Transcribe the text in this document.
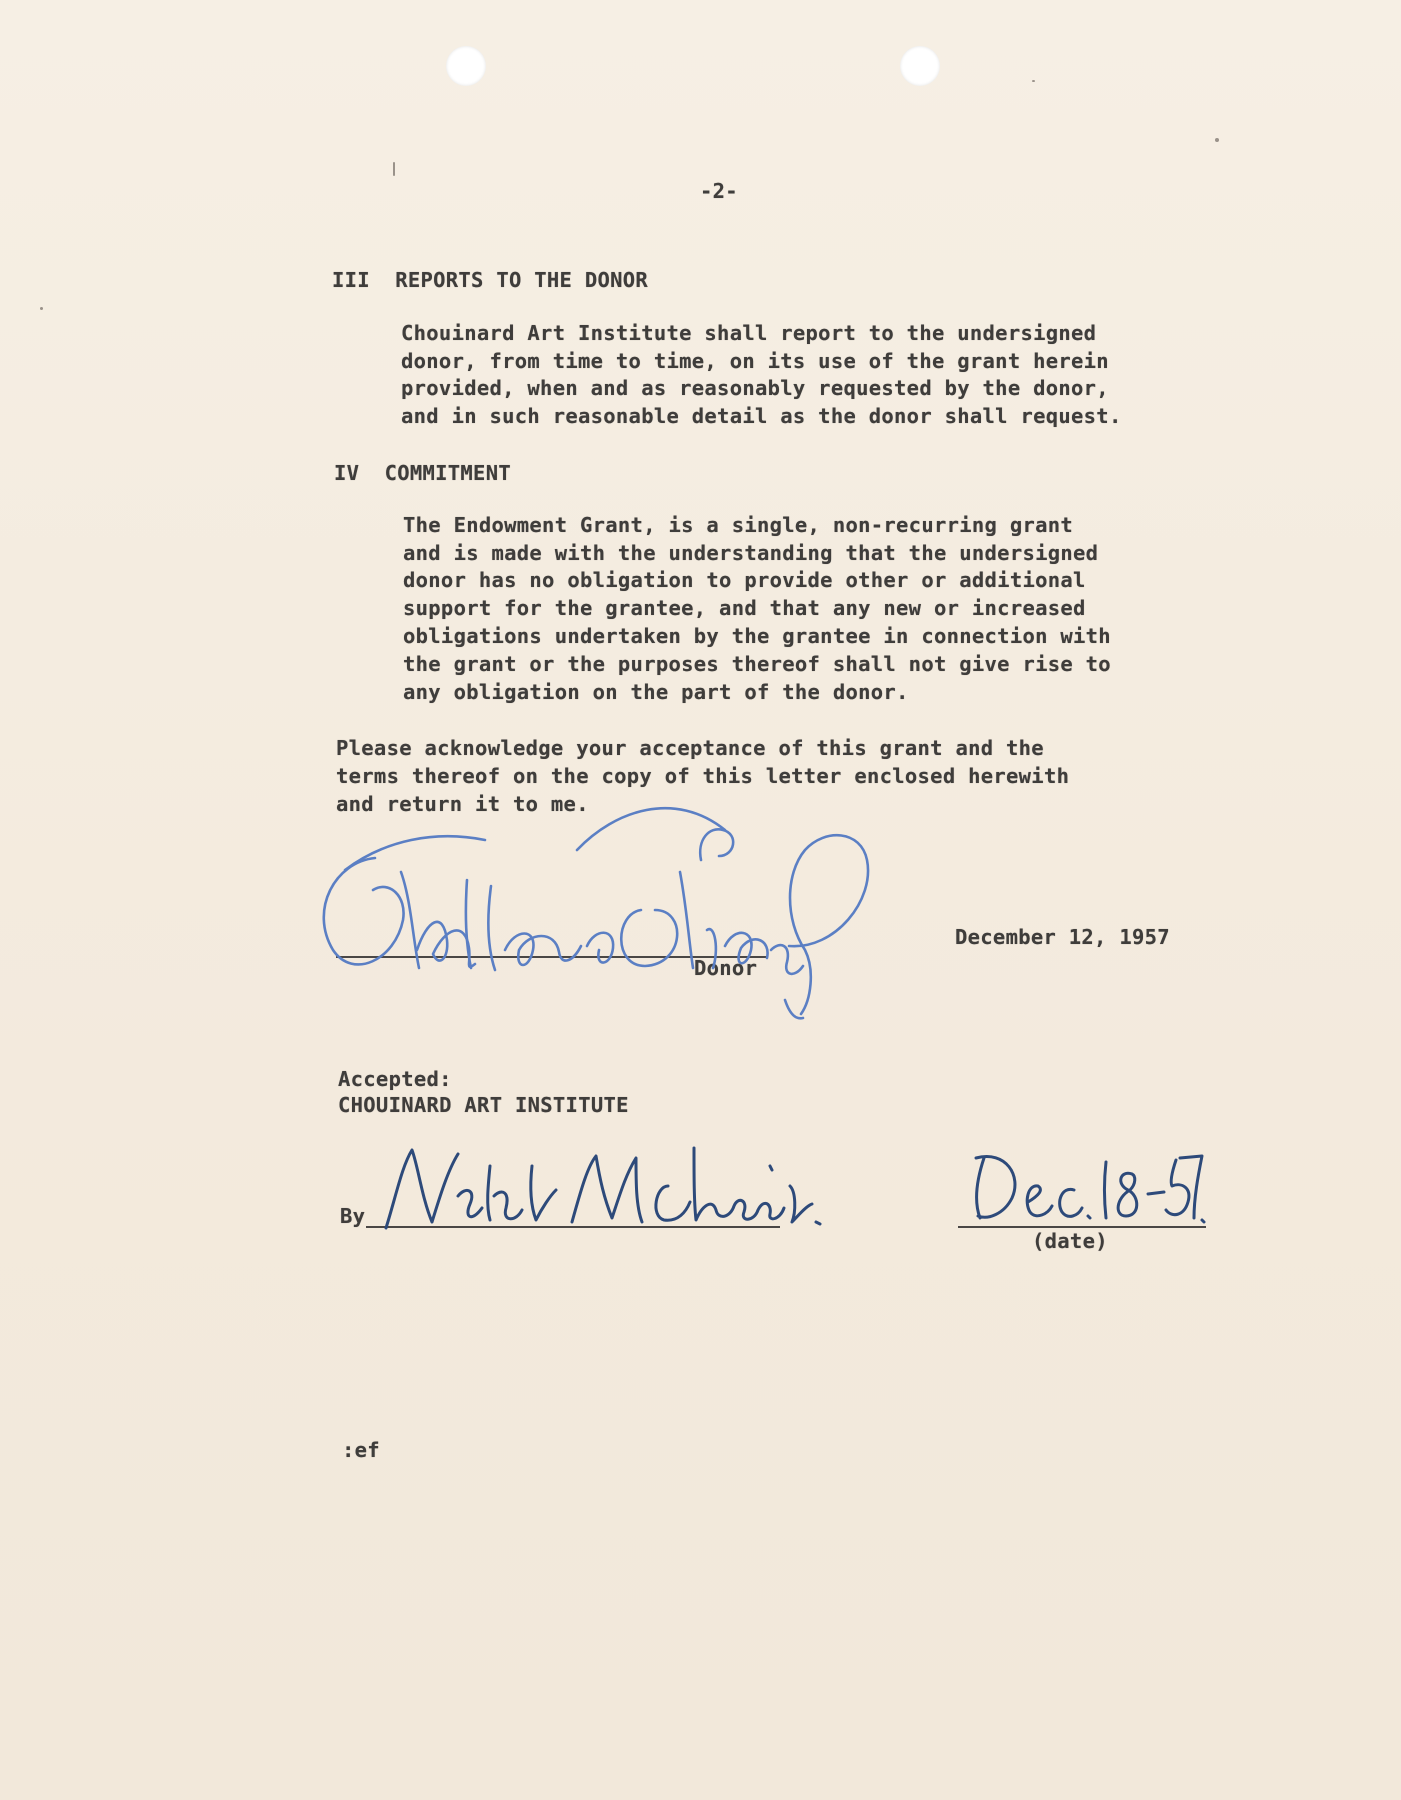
-2-
III  REPORTS TO THE DONOR
Chouinard Art Institute shall report to the undersigned
donor, from time to time, on its use of the grant herein
provided, when and as reasonably requested by the donor,
and in such reasonable detail as the donor shall request.
IV  COMMITMENT
The Endowment Grant, is a single, non-recurring grant
and is made with the understanding that the undersigned
donor has no obligation to provide other or additional
support for the grantee, and that any new or increased
obligations undertaken by the grantee in connection with
the grant or the purposes thereof shall not give rise to
any obligation on the part of the donor.
Please acknowledge your acceptance of this grant and the
terms thereof on the copy of this letter enclosed herewith
and return it to me.
Donor
December 12, 1957
Accepted:
CHOUINARD ART INSTITUTE
By
(date)
:ef
